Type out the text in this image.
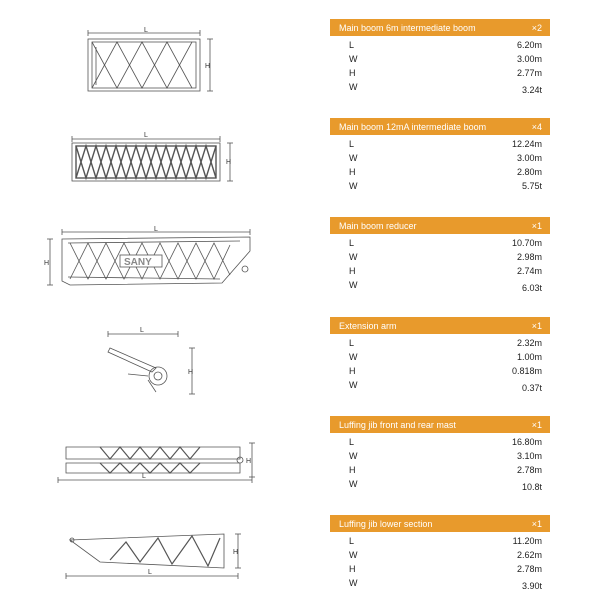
L
H
L
H
L
SANY
H
L
H
H
L
H
L
Main boom 6m intermediate boom	×2
L	6.20m
W	3.00m
H	2.77m
W	3.24t
Main boom 12mA intermediate boom	×4
L	12.24m
W	3.00m
H	2.80m
W	5.75t
Main boom reducer	×1
L	10.70m
W	2.98m
H	2.74m
W	6.03t
Extension arm	×1
L	2.32m
W	1.00m
H	0.818m
W	0.37t
Luffing jib front and rear mast	×1
L	16.80m
W	3.10m
H	2.78m
W	10.8t
Luffing jib lower section	×1
L	11.20m
W	2.62m
H	2.78m
W	3.90t
